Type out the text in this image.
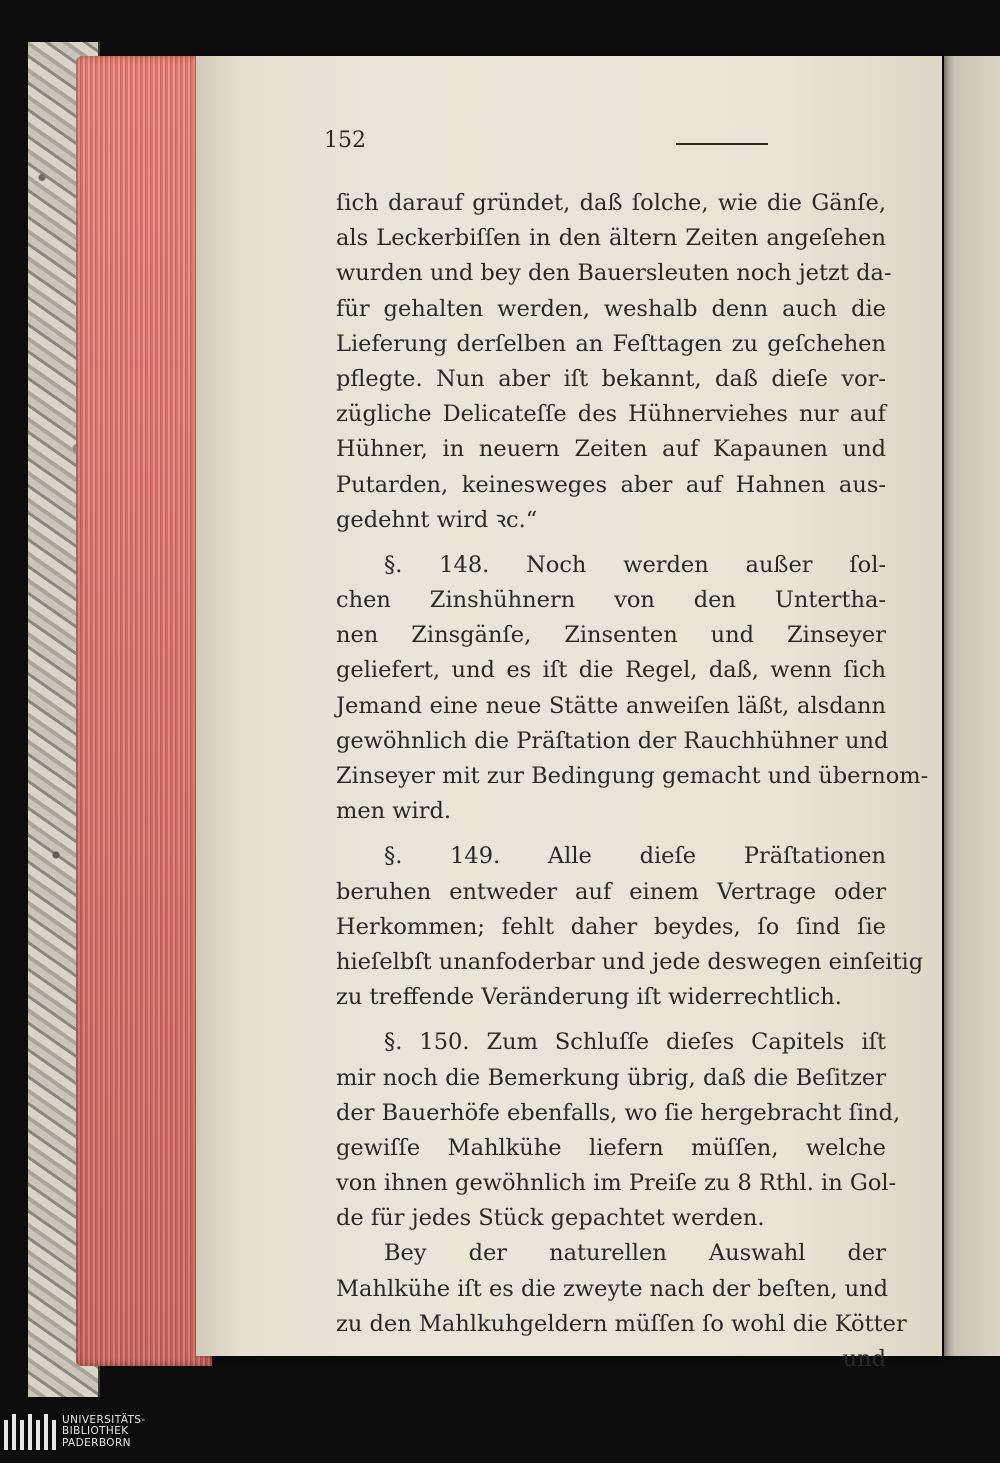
152
ſich darauf gründet, daß ſolche, wie die Gänſe,
als Leckerbiſſen in den ältern Zeiten angeſehen
wurden und bey den Bauersleuten noch jetzt da-
für gehalten werden, weshalb denn auch die
Lieferung derſelben an Feſttagen zu geſchehen
pflegte. Nun aber iſt bekannt, daß dieſe vor-
zügliche Delicateſſe des Hühnerviehes nur auf
Hühner, in neuern Zeiten auf Kapaunen und
Putarden, keinesweges aber auf Hahnen aus-
gedehnt wird ꝛc.“
§. 148. Noch werden außer ſol-
chen Zinshühnern von den Untertha-
nen Zinsgänſe, Zinsenten und Zinseyer
geliefert, und es iſt die Regel, daß, wenn ſich
Jemand eine neue Stätte anweiſen läßt, alsdann
gewöhnlich die Präſtation der Rauchhühner und
Zinseyer mit zur Bedingung gemacht und übernom-
men wird.
§. 149. Alle dieſe Präſtationen
beruhen entweder auf einem Vertrage oder
Herkommen; fehlt daher beydes, ſo ſind ſie
hieſelbſt unanfoderbar und jede deswegen einſeitig
zu treffende Veränderung iſt widerrechtlich.
§. 150. Zum Schluſſe dieſes Capitels iſt
mir noch die Bemerkung übrig, daß die Beſitzer
der Bauerhöfe ebenfalls, wo ſie hergebracht ſind,
gewiſſe Mahlkühe liefern müſſen, welche
von ihnen gewöhnlich im Preiſe zu 8 Rthl. in Gol-
de für jedes Stück gepachtet werden.
Bey der naturellen Auswahl der
Mahlkühe iſt es die zweyte nach der beſten, und
zu den Mahlkuhgeldern müſſen ſo wohl die Kötter
und
UNIVERSITÄTS-
BIBLIOTHEK
PADERBORN
